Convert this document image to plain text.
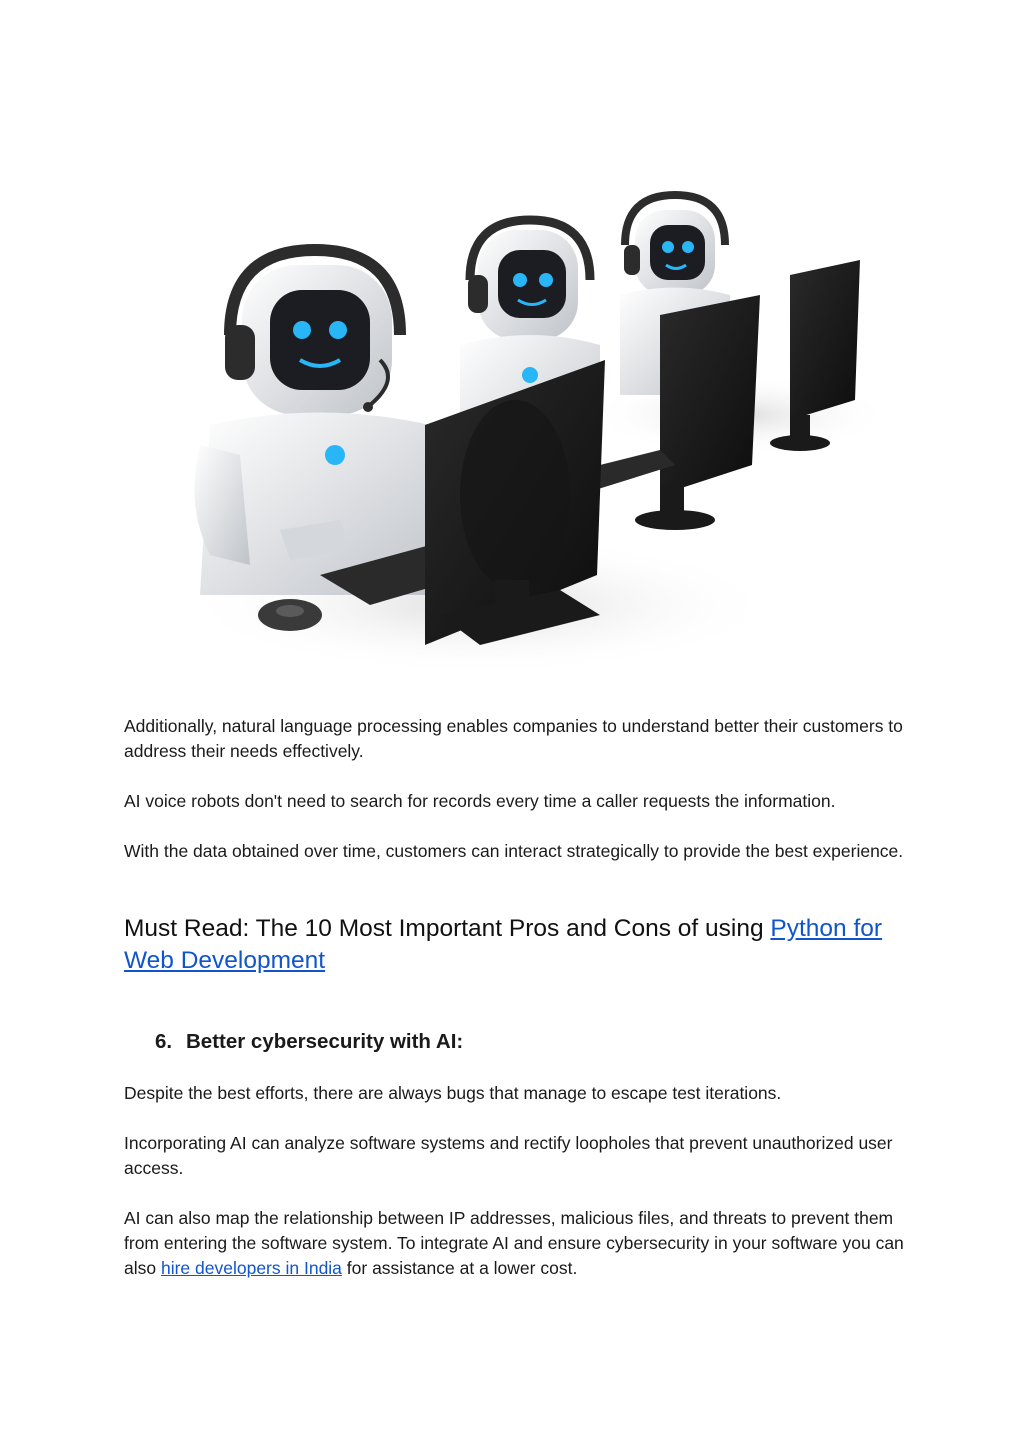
Additionally, natural language processing enables companies to understand better their customers to address their needs effectively.

AI voice robots don't need to search for records every time a caller requests the information.

With the data obtained over time, customers can interact strategically to provide the best experience.

Must Read: The 10 Most Important Pros and Cons of using Python for Web Development
6. Better cybersecurity with AI:

Despite the best efforts, there are always bugs that manage to escape test iterations.

Incorporating AI can analyze software systems and rectify loopholes that prevent unauthorized user access.

AI can also map the relationship between IP addresses, malicious files, and threats to prevent them from entering the software system. To integrate AI and ensure cybersecurity in your software you can also hire developers in India for assistance at a lower cost.
